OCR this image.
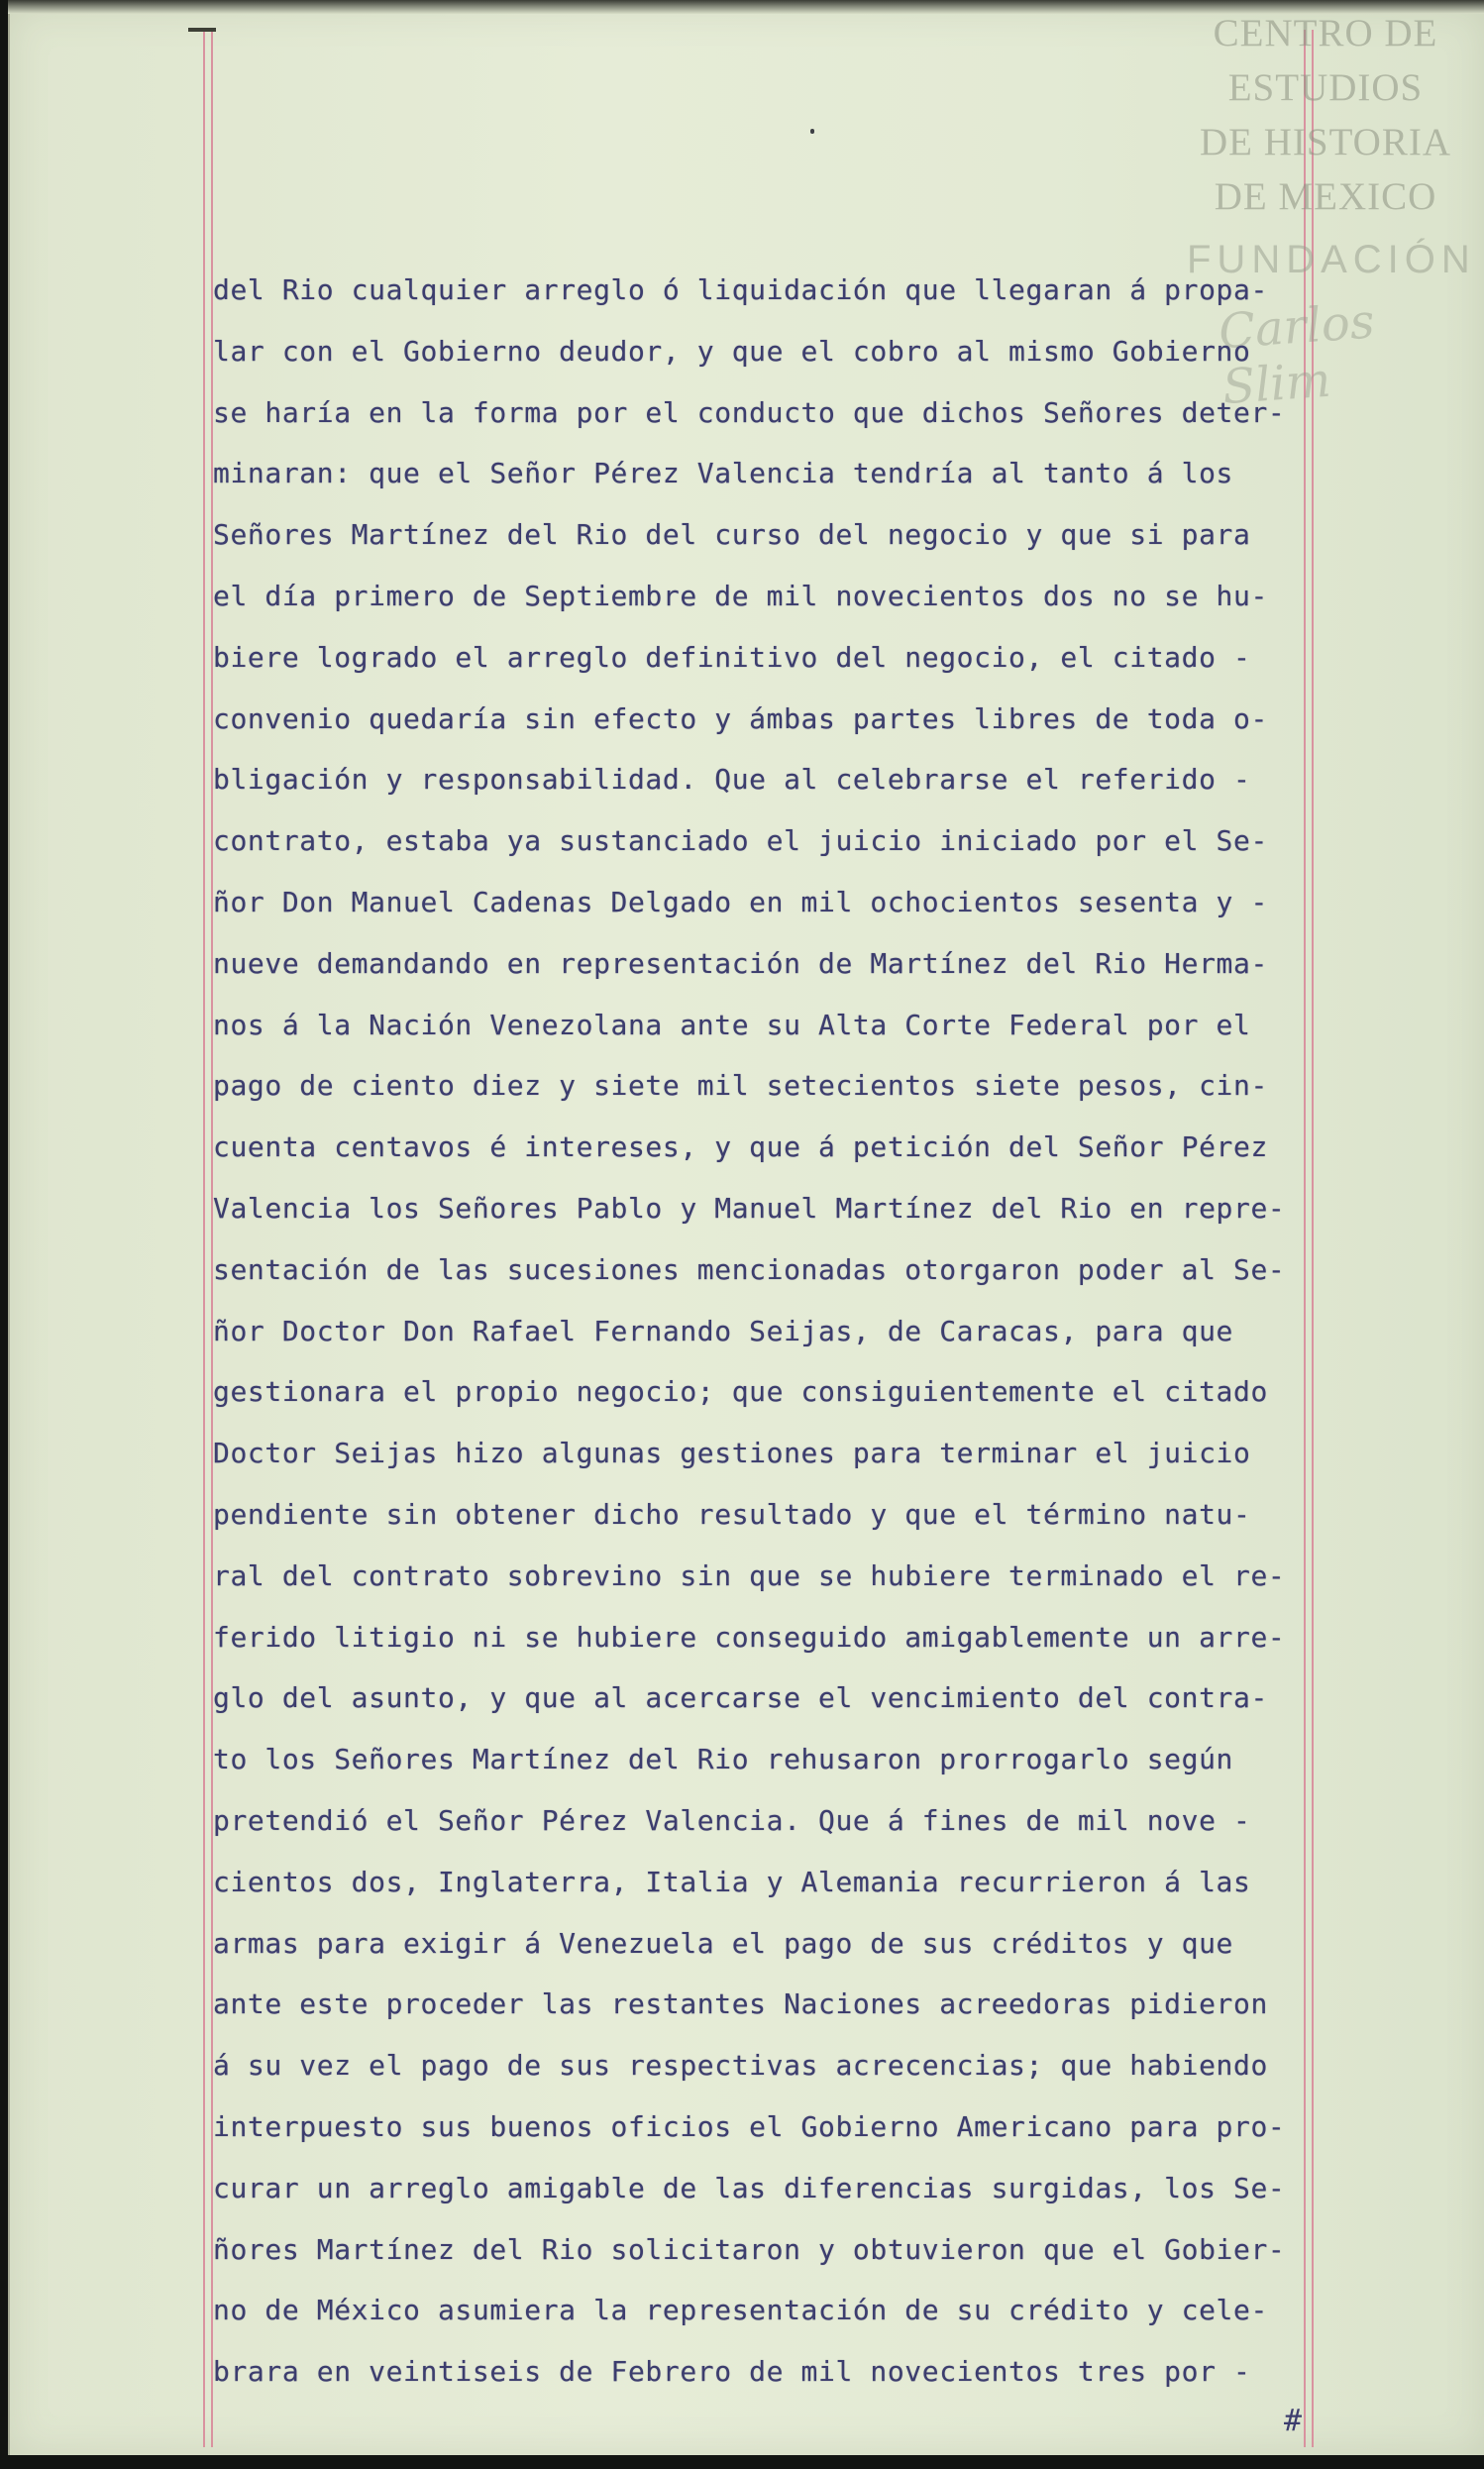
CENTRO DE
ESTUDIOS
DE HISTORIA
DE MEXICO
FUNDACIÓN
Carlos Slim
del Rio cualquier arreglo ó liquidación que llegaran á propa-
lar con el Gobierno deudor, y que el cobro al mismo Gobierno
se haría en la forma por el conducto que dichos Señores deter-
minaran: que el Señor Pérez Valencia tendría al tanto á los
Señores Martínez del Rio del curso del negocio y que si para
el día primero de Septiembre de mil novecientos dos no se hu-
biere logrado el arreglo definitivo del negocio, el citado -
convenio quedaría sin efecto y ámbas partes libres de toda o-
bligación y responsabilidad. Que al celebrarse el referido -
contrato, estaba ya sustanciado el juicio iniciado por el Se-
ñor Don Manuel Cadenas Delgado en mil ochocientos sesenta y -
nueve demandando en representación de Martínez del Rio Herma-
nos á la Nación Venezolana ante su Alta Corte Federal por el
pago de ciento diez y siete mil setecientos siete pesos, cin-
cuenta centavos é intereses, y que á petición del Señor Pérez
Valencia los Señores Pablo y Manuel Martínez del Rio en repre-
sentación de las sucesiones mencionadas otorgaron poder al Se-
ñor Doctor Don Rafael Fernando Seijas, de Caracas, para que
gestionara el propio negocio; que consiguientemente el citado
Doctor Seijas hizo algunas gestiones para terminar el juicio
pendiente sin obtener dicho resultado y que el término natu-
ral del contrato sobrevino sin que se hubiere terminado el re-
ferido litigio ni se hubiere conseguido amigablemente un arre-
glo del asunto, y que al acercarse el vencimiento del contra-
to los Señores Martínez del Rio rehusaron prorrogarlo según
pretendió el Señor Pérez Valencia. Que á fines de mil nove -
cientos dos, Inglaterra, Italia y Alemania recurrieron á las
armas para exigir á Venezuela el pago de sus créditos y que
ante este proceder las restantes Naciones acreedoras pidieron
á su vez el pago de sus respectivas acrecencias; que habiendo
interpuesto sus buenos oficios el Gobierno Americano para pro-
curar un arreglo amigable de las diferencias surgidas, los Se-
ñores Martínez del Rio solicitaron y obtuvieron que el Gobier-
no de México asumiera la representación de su crédito y cele-
brara en veintiseis de Febrero de mil novecientos tres por -
#
